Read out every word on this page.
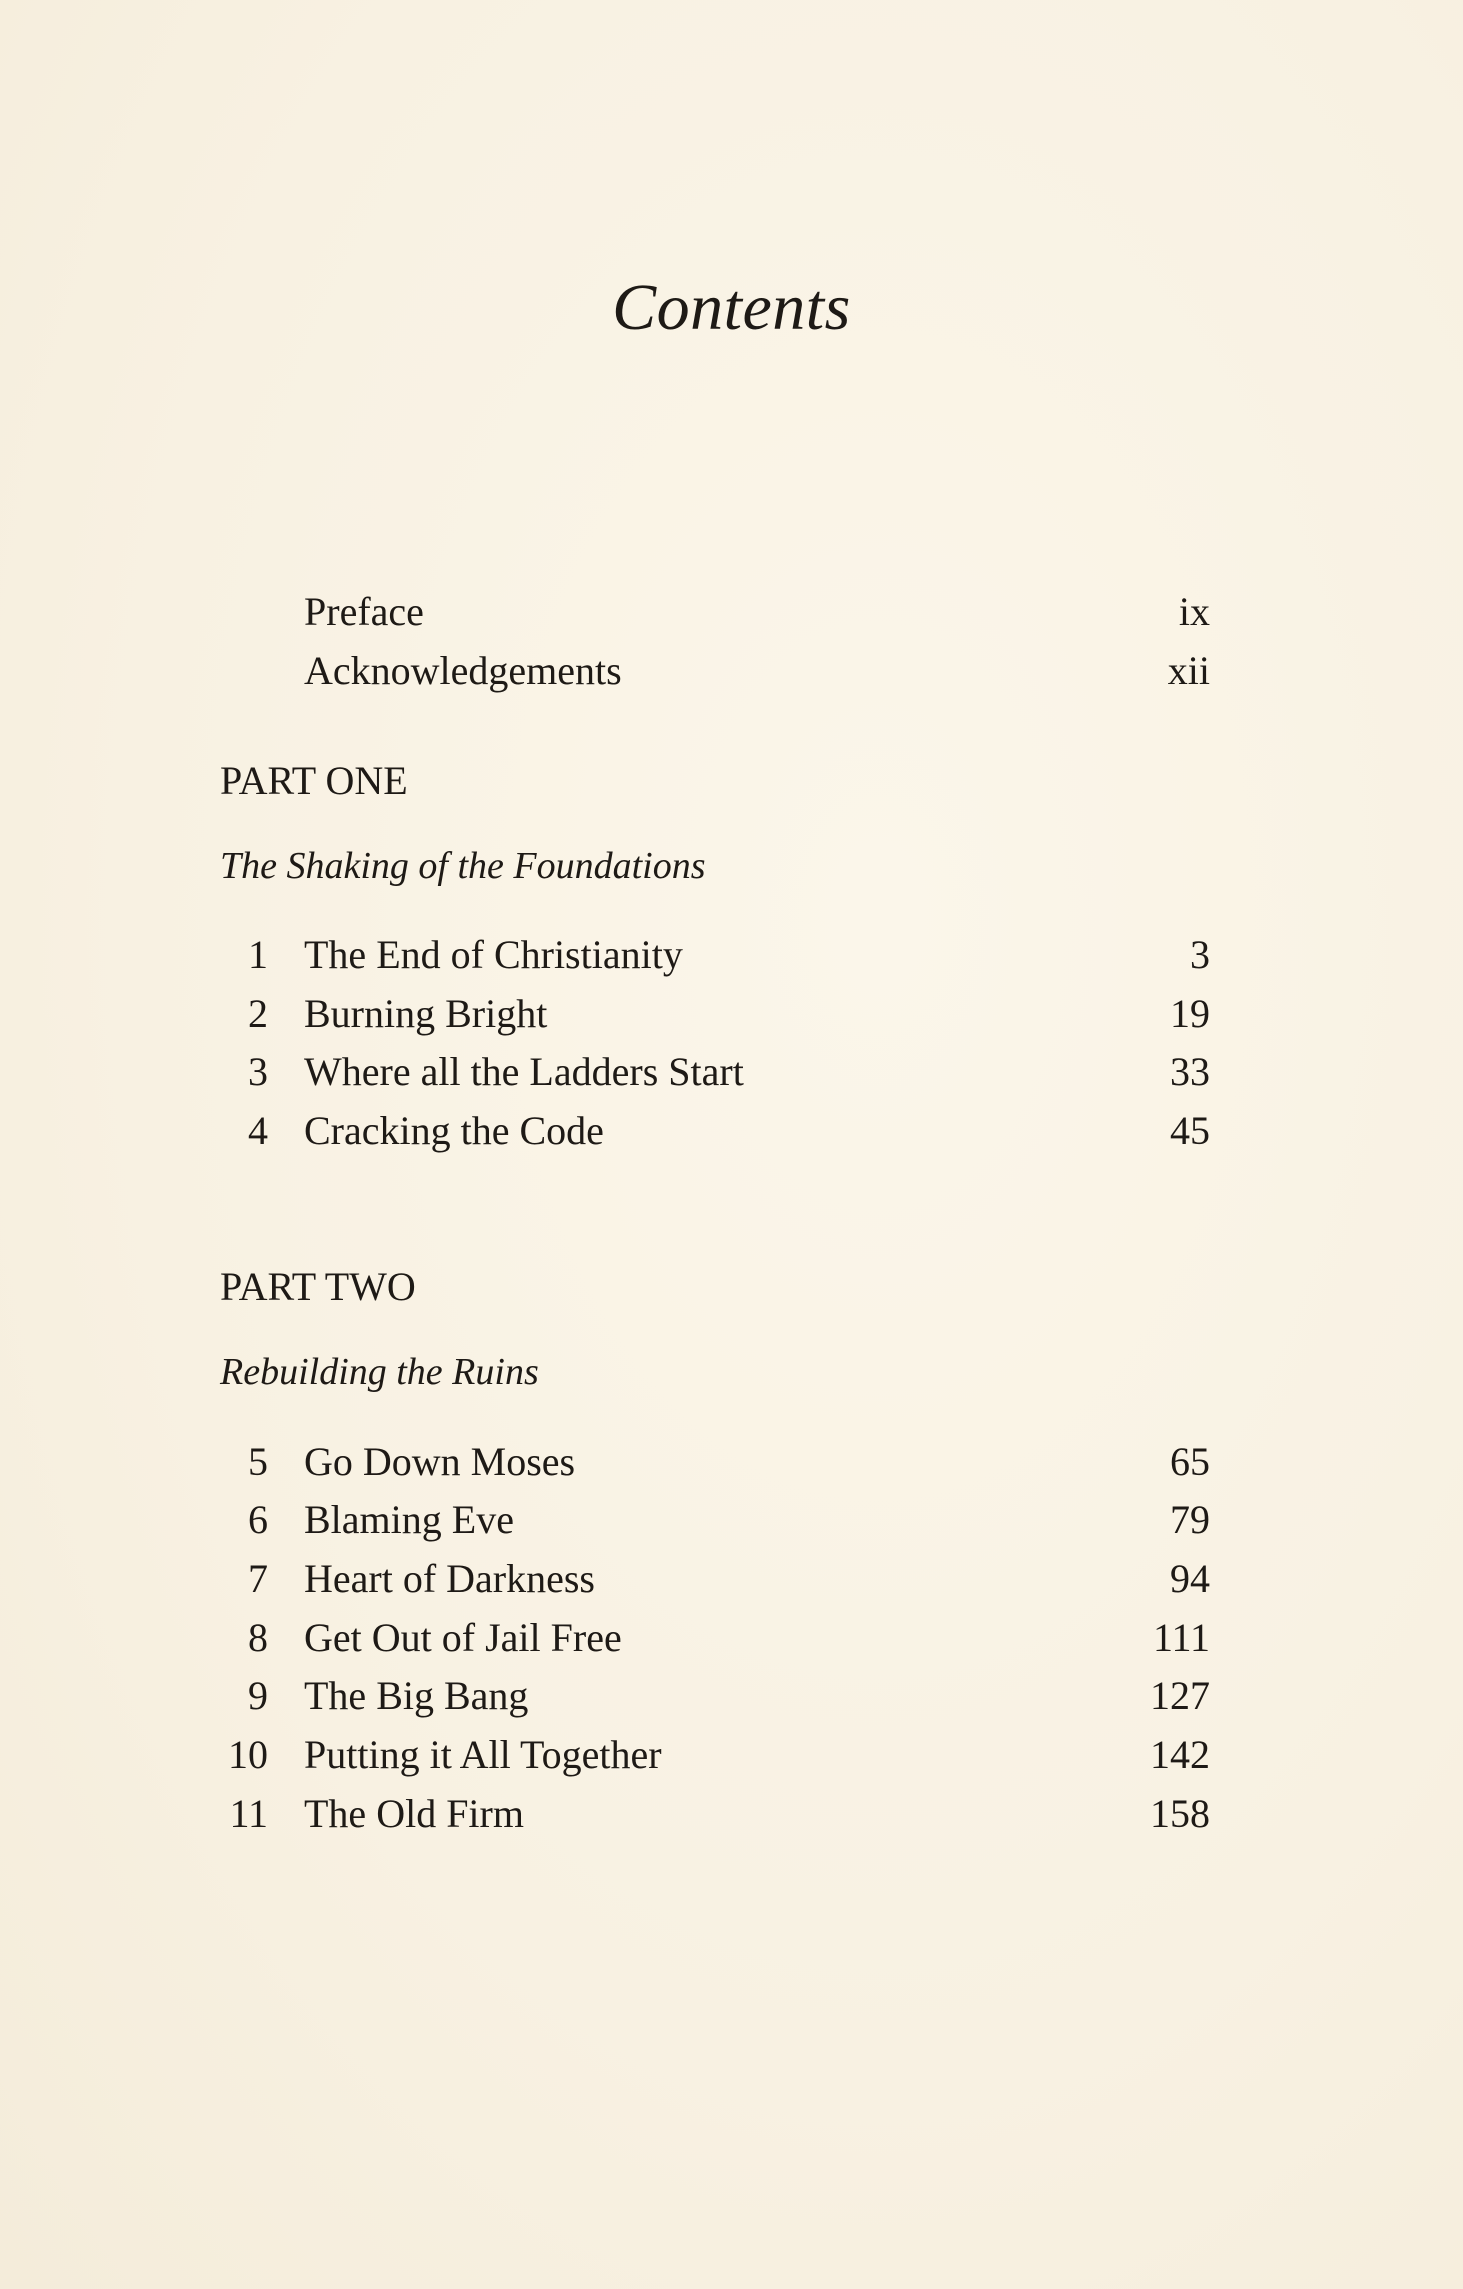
Contents
Preface	ix
Acknowledgements	xii
PART ONE
The Shaking of the Foundations
1 The End of Christianity	3
2 Burning Bright	19
3 Where all the Ladders Start	33
4 Cracking the Code	45
PART TWO
Rebuilding the Ruins
5 Go Down Moses	65
6 Blaming Eve	79
7 Heart of Darkness	94
8 Get Out of Jail Free	111
9 The Big Bang	127
10 Putting it All Together	142
11 The Old Firm	158
